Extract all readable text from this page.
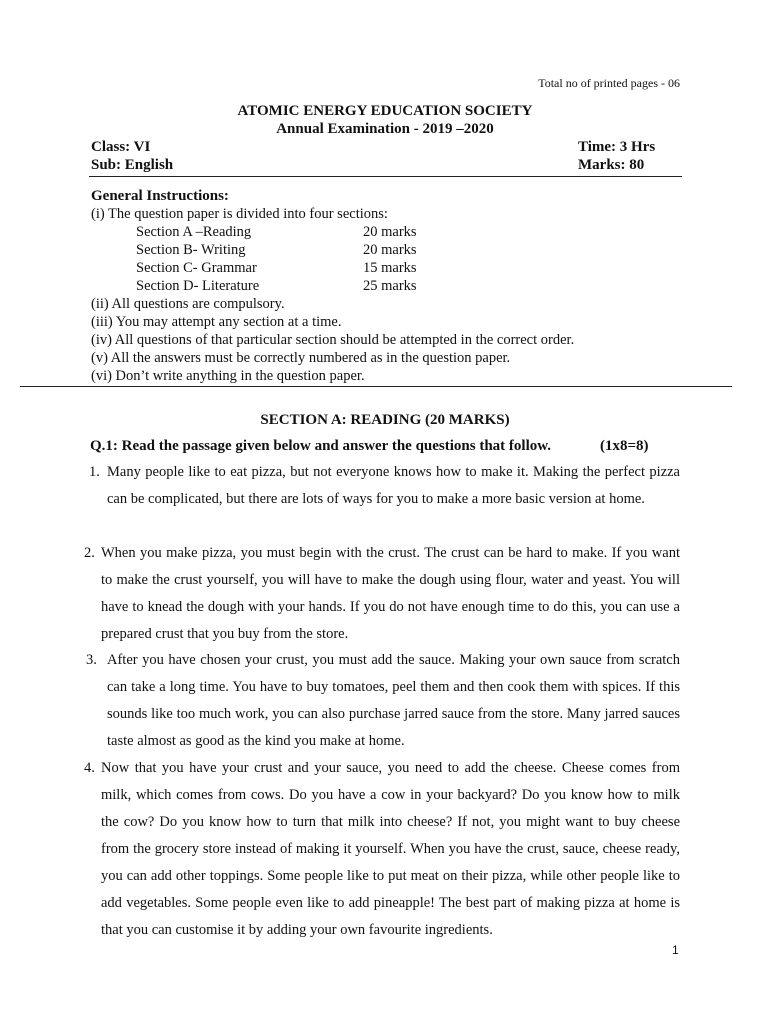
Total no of printed pages - 06
ATOMIC ENERGY EDUCATION SOCIETY
Annual Examination - 2019 –2020
Class: VI
Sub: English
Time: 3 Hrs
Marks: 80
General Instructions:
(i) The question paper is divided into four sections:
Section A –Reading	20 marks
Section B- Writing	20 marks
Section C- Grammar	15 marks
Section D- Literature	25 marks
(ii) All questions are compulsory.
(iii) You may attempt any section at a time.
(iv) All questions of that particular section should be attempted in the correct order.
(v) All the answers must be correctly numbered as in the question paper.
(vi) Don’t write anything in the question paper.
SECTION A: READING (20 MARKS)
Q.1: Read the passage given below and answer the questions that follow.	(1x8=8)
1. Many people like to eat pizza, but not everyone knows how to make it. Making the perfect pizza can be complicated, but there are lots of ways for you to make a more basic version at home.
2. When you make pizza, you must begin with the crust. The crust can be hard to make. If you want to make the crust yourself, you will have to make the dough using flour, water and yeast. You will have to knead the dough with your hands. If you do not have enough time to do this, you can use a prepared crust that you buy from the store.
3. After you have chosen your crust, you must add the sauce. Making your own sauce from scratch can take a long time. You have to buy tomatoes, peel them and then cook them with spices. If this sounds like too much work, you can also purchase jarred sauce from the store. Many jarred sauces taste almost as good as the kind you make at home.
4. Now that you have your crust and your sauce, you need to add the cheese. Cheese comes from milk, which comes from cows. Do you have a cow in your backyard? Do you know how to milk the cow? Do you know how to turn that milk into cheese? If not, you might want to buy cheese from the grocery store instead of making it yourself. When you have the crust, sauce, cheese ready, you can add other toppings. Some people like to put meat on their pizza, while other people like to add vegetables. Some people even like to add pineapple! The best part of making pizza at home is that you can customise it by adding your own favourite ingredients.
1
